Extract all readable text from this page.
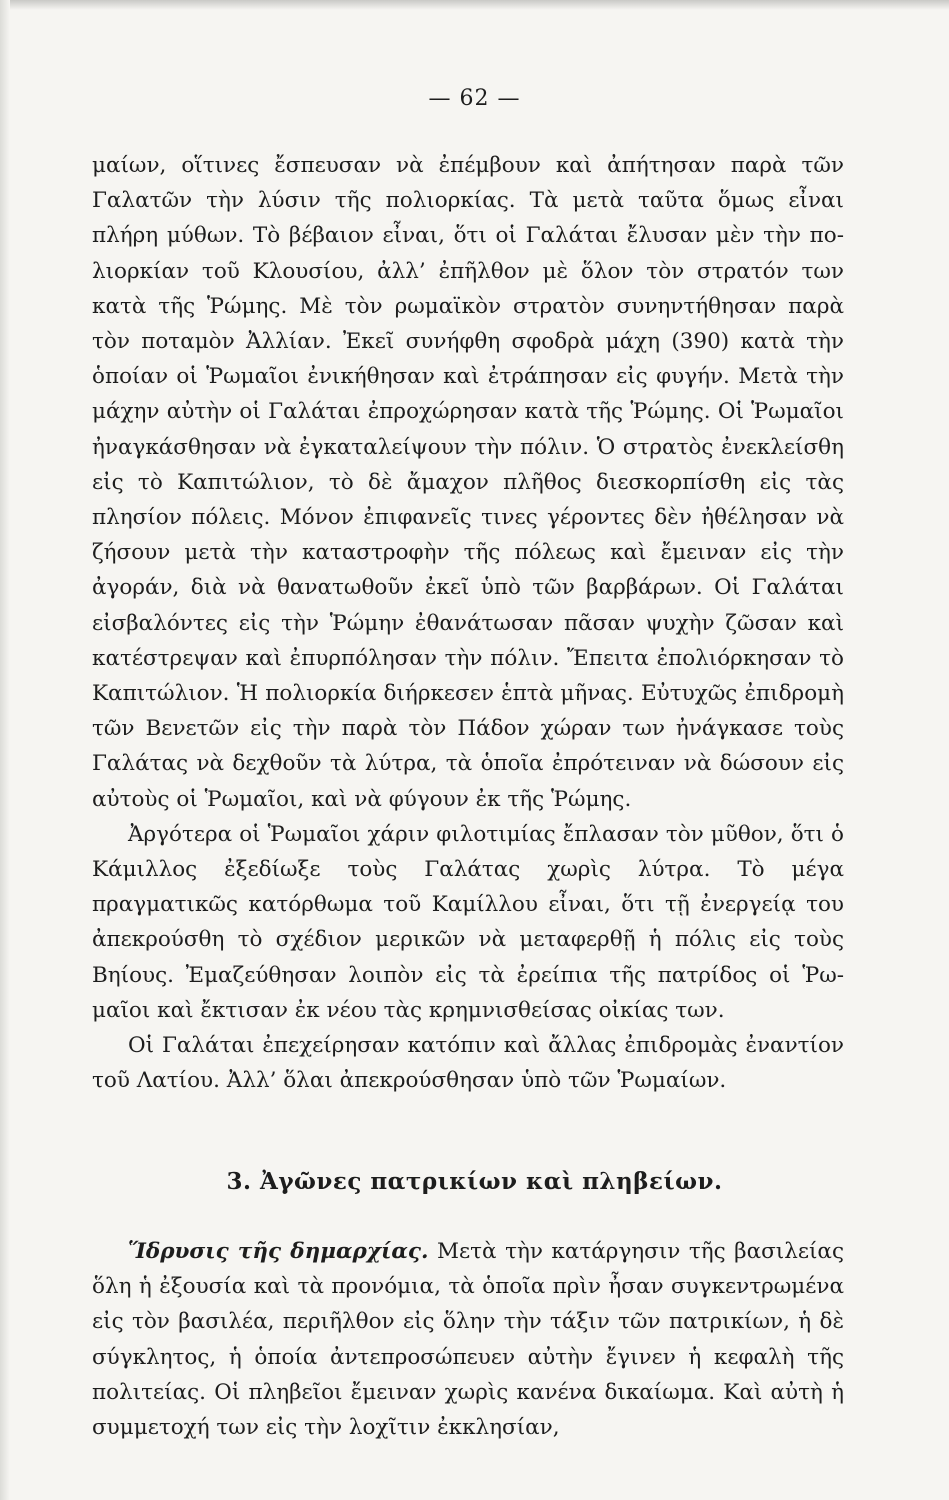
— 62 —

μαίων, οἵτινες ἔσπευσαν νὰ ἐπέμβουν καὶ ἀπήτησαν παρὰ τῶν Γαλατῶν τὴν λύσιν τῆς πολιορκίας. Τὰ μετὰ ταῦτα ὅμως εἶναι πλήρη μύθων. Τὸ βέβαιον εἶναι, ὅτι οἱ Γαλάται ἔλυσαν μὲν τὴν πολιορκίαν τοῦ Κλουσίου, ἀλλ’ ἐπῆλθον μὲ ὅλον τὸν στρατόν των κατὰ τῆς Ῥώμης. Μὲ τὸν ρωμαϊκὸν στρατὸν συνηντήθησαν παρὰ τὸν ποταμὸν Ἀλλίαν. Ἐκεῖ συνήφθη σφοδρὰ μάχη (390) κατὰ τὴν ὁποίαν οἱ Ῥωμαῖοι ἐνικήθησαν καὶ ἐτράπησαν εἰς φυγήν. Μετὰ τὴν μάχην αὐτὴν οἱ Γαλάται ἐπροχώρησαν κατὰ τῆς Ῥώμης. Οἱ Ῥωμαῖοι ἠναγκάσθησαν νὰ ἐγκαταλείψουν τὴν πόλιν. Ὁ στρατὸς ἐνεκλείσθη εἰς τὸ Καπιτώλιον, τὸ δὲ ἄμαχον πλῆθος διεσκορπίσθη εἰς τὰς πλησίον πόλεις. Μόνον ἐπιφανεῖς τινες γέροντες δὲν ἠθέλησαν νὰ ζήσουν μετὰ τὴν καταστροφὴν τῆς πόλεως καὶ ἔμειναν εἰς τὴν ἀγοράν, διὰ νὰ θανατωθοῦν ἐκεῖ ὑπὸ τῶν βαρβάρων. Οἱ Γαλάται εἰσβαλόντες εἰς τὴν Ῥώμην ἐθανάτωσαν πᾶσαν ψυχὴν ζῶσαν καὶ κατέστρεψαν καὶ ἐπυρπόλησαν τὴν πόλιν. Ἔπειτα ἐπολιόρκησαν τὸ Καπιτώλιον. Ἡ πολιορκία διήρκεσεν ἑπτὰ μῆνας. Εὐτυχῶς ἐπιδρομὴ τῶν Βενετῶν εἰς τὴν παρὰ τὸν Πάδον χώραν των ἠνάγκασε τοὺς Γαλάτας νὰ δεχθοῦν τὰ λύτρα, τὰ ὁποῖα ἐπρότειναν νὰ δώσουν εἰς αὐτοὺς οἱ Ῥωμαῖοι, καὶ νὰ φύγουν ἐκ τῆς Ῥώμης.

Ἀργότερα οἱ Ῥωμαῖοι χάριν φιλοτιμίας ἔπλασαν τὸν μῦθον, ὅτι ὁ Κάμιλλος ἐξεδίωξε τοὺς Γαλάτας χωρὶς λύτρα. Τὸ μέγα πραγματικῶς κατόρθωμα τοῦ Καμίλλου εἶναι, ὅτι τῇ ἐνεργείᾳ του ἀπεκρούσθη τὸ σχέδιον μερικῶν νὰ μεταφερθῇ ἡ πόλις εἰς τοὺς Βηίους. Ἐμαζεύθησαν λοιπὸν εἰς τὰ ἐρείπια τῆς πατρίδος οἱ Ῥωμαῖοι καὶ ἔκτισαν ἐκ νέου τὰς κρημνισθείσας οἰκίας των.

Οἱ Γαλάται ἐπεχείρησαν κατόπιν καὶ ἄλλας ἐπιδρομὰς ἐναντίον τοῦ Λατίου. Ἀλλ’ ὅλαι ἀπεκρούσθησαν ὑπὸ τῶν Ῥωμαίων.

3. Ἀγῶνες πατρικίων καὶ πληβείων.

Ἵδρυσις τῆς δημαρχίας. Μετὰ τὴν κατάργησιν τῆς βασιλείας ὅλη ἡ ἐξουσία καὶ τὰ προνόμια, τὰ ὁποῖα πρὶν ἦσαν συγκεντρωμένα εἰς τὸν βασιλέα, περιῆλθον εἰς ὅλην τὴν τάξιν τῶν πατρικίων, ἡ δὲ σύγκλητος, ἡ ὁποία ἀντεπροσώπευεν αὐτὴν ἔγινεν ἡ κεφαλὴ τῆς πολιτείας. Οἱ πληβεῖοι ἔμειναν χωρὶς κανένα δικαίωμα. Καὶ αὐτὴ ἡ συμμετοχή των εἰς τὴν λοχῖτιν ἐκκλησίαν,
